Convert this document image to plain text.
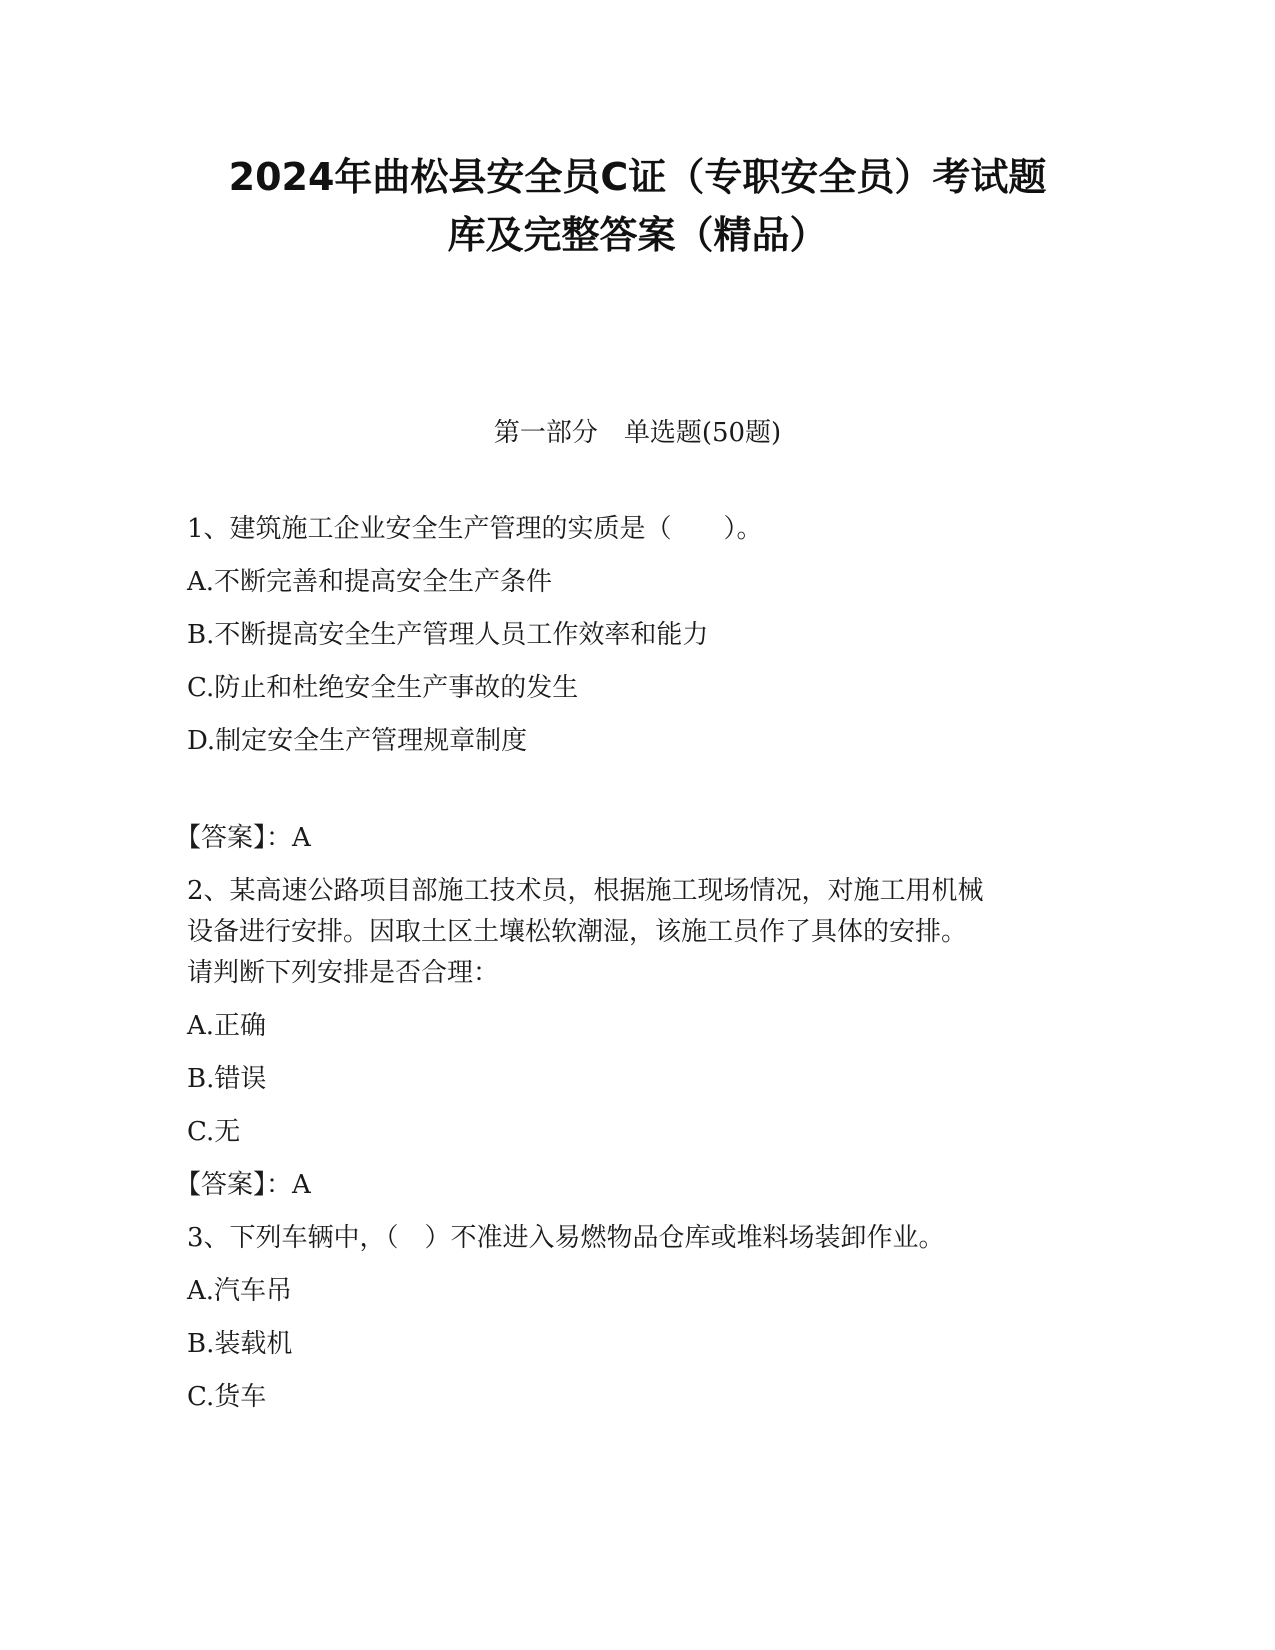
2024年曲松县安全员C证（专职安全员）考试题
库及完整答案（精品）
第一部分　单选题(50题)
1、建筑施工企业安全生产管理的实质是（　　）。
A.不断完善和提高安全生产条件
B.不断提高安全生产管理人员工作效率和能力
C.防止和杜绝安全生产事故的发生
D.制定安全生产管理规章制度
【答案】：A
2、某高速公路项目部施工技术员，根据施工现场情况，对施工用机械
设备进行安排。因取土区土壤松软潮湿，该施工员作了具体的安排。
请判断下列安排是否合理：
A.正确
B.错误
C.无
【答案】：A
3、下列车辆中，（　）不准进入易燃物品仓库或堆料场装卸作业。
A.汽车吊
B.装载机
C.货车
